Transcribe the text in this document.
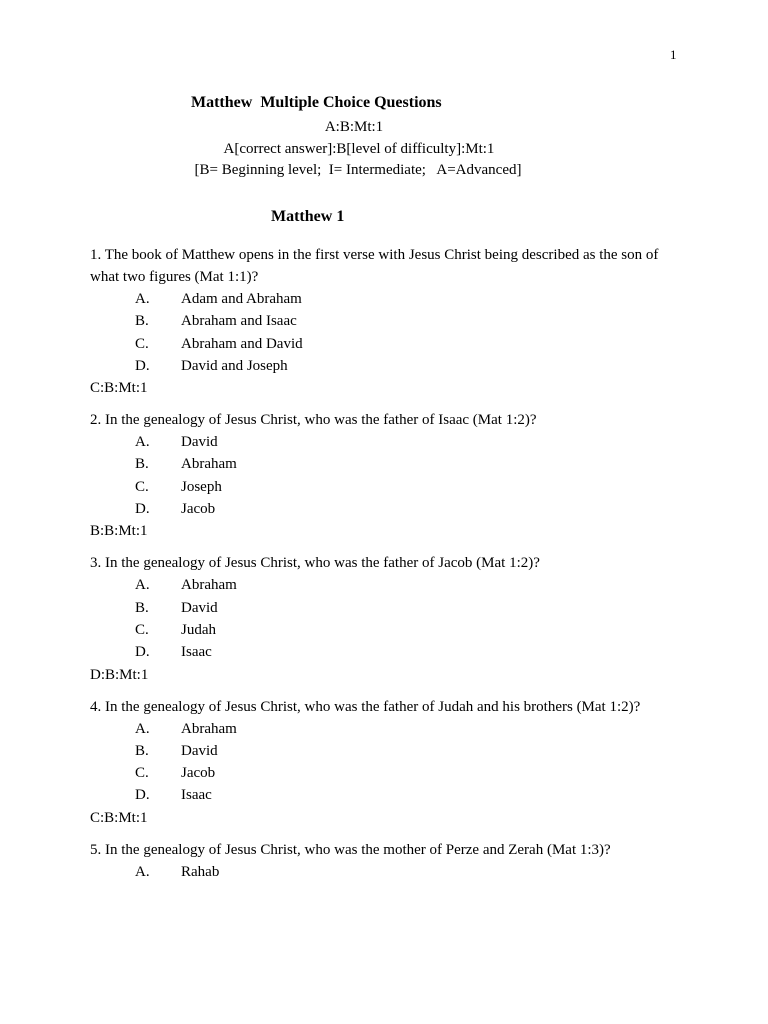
1
Matthew  Multiple Choice Questions
A:B:Mt:1
A[correct answer]:B[level of difficulty]:Mt:1
[B= Beginning level;  I= Intermediate;   A=Advanced]
Matthew 1
1. The book of Matthew opens in the first verse with Jesus Christ being described as the son of what two figures (Mat 1:1)?
A.	Adam and Abraham
B.	Abraham and Isaac
C.	Abraham and David
D.	David and Joseph
C:B:Mt:1
2. In the genealogy of Jesus Christ, who was the father of Isaac (Mat 1:2)?
A.	David
B.	Abraham
C.	Joseph
D.	Jacob
B:B:Mt:1
3. In the genealogy of Jesus Christ, who was the father of Jacob (Mat 1:2)?
A.	Abraham
B.	David
C.	Judah
D.	Isaac
D:B:Mt:1
4. In the genealogy of Jesus Christ, who was the father of Judah and his brothers (Mat 1:2)?
A.	Abraham
B.	David
C.	Jacob
D.	Isaac
C:B:Mt:1
5. In the genealogy of Jesus Christ, who was the mother of Perze and Zerah (Mat 1:3)?
A.	Rahab
